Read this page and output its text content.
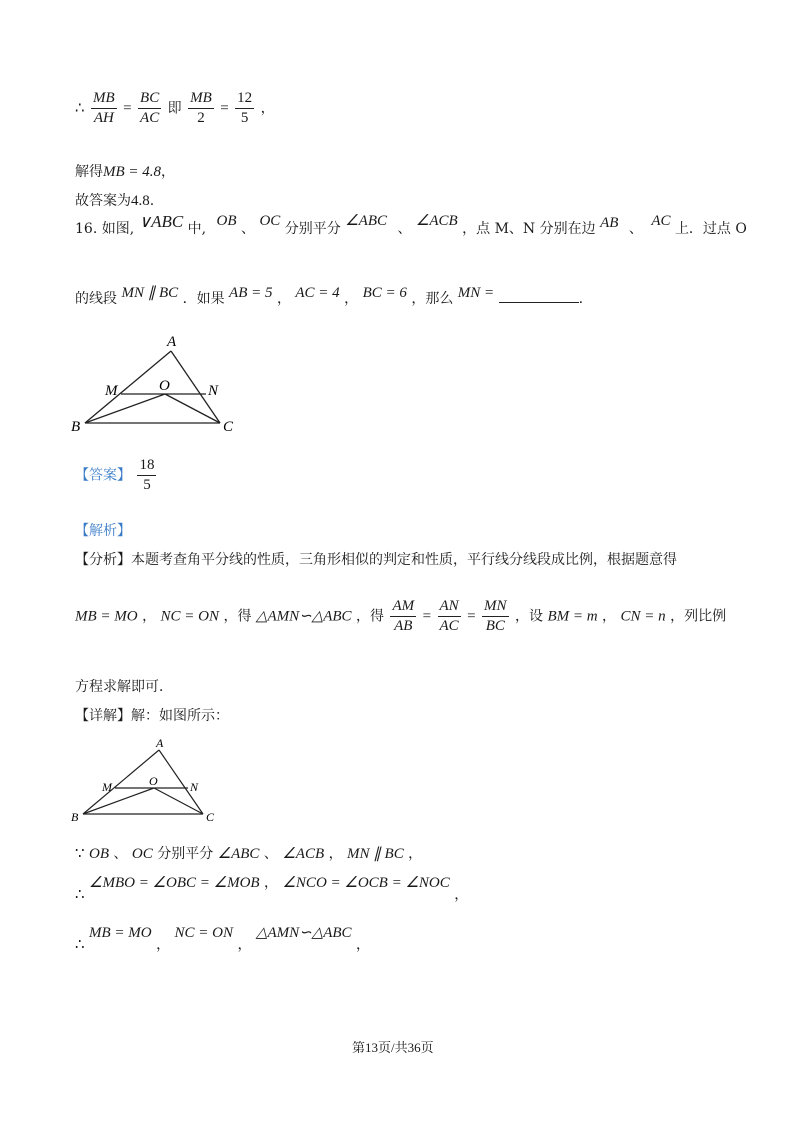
∴ $\frac{MB}{AH} = \frac{BC}{AC}$ 即 $\frac{MB}{2} = \frac{12}{5}$ ，
解得MB = 4.8，
故答案为4.8.
16. 如图, ∨ABC 中, OB 、 OC 分别平分 ∠ABC 、 ∠ACB ，点 M、N 分别在边 AB 、 AC 上．过点 O
的线段 MN ∥ BC ．如果 AB = 5 ， AC = 4 ， BC = 6 ，那么 MN =	.
A
B	C
M	N
O
【答案】 $\frac{18}{5}$
【解析】
【分析】本题考查角平分线的性质，三角形相似的判定和性质，平行线分线段成比例，根据题意得
MB = MO ， NC = ON ，得 △AMN∽△ABC ，得 $\frac{AM}{AB} = \frac{AN}{AC} = \frac{MN}{BC}$ ，设 BM = m ， CN = n ，列比例
方程求解即可．
【详解】解：如图所示：
A
B	C
M	N
O
∵ OB 、 OC 分别平分 ∠ABC 、 ∠ACB ， MN ∥ BC ，
∴ ∠MBO = ∠OBC = ∠MOB ， ∠NCO = ∠OCB = ∠NOC ，
∴ MB = MO ， NC = ON ， △AMN∽△ABC ，
第13页/共36页
